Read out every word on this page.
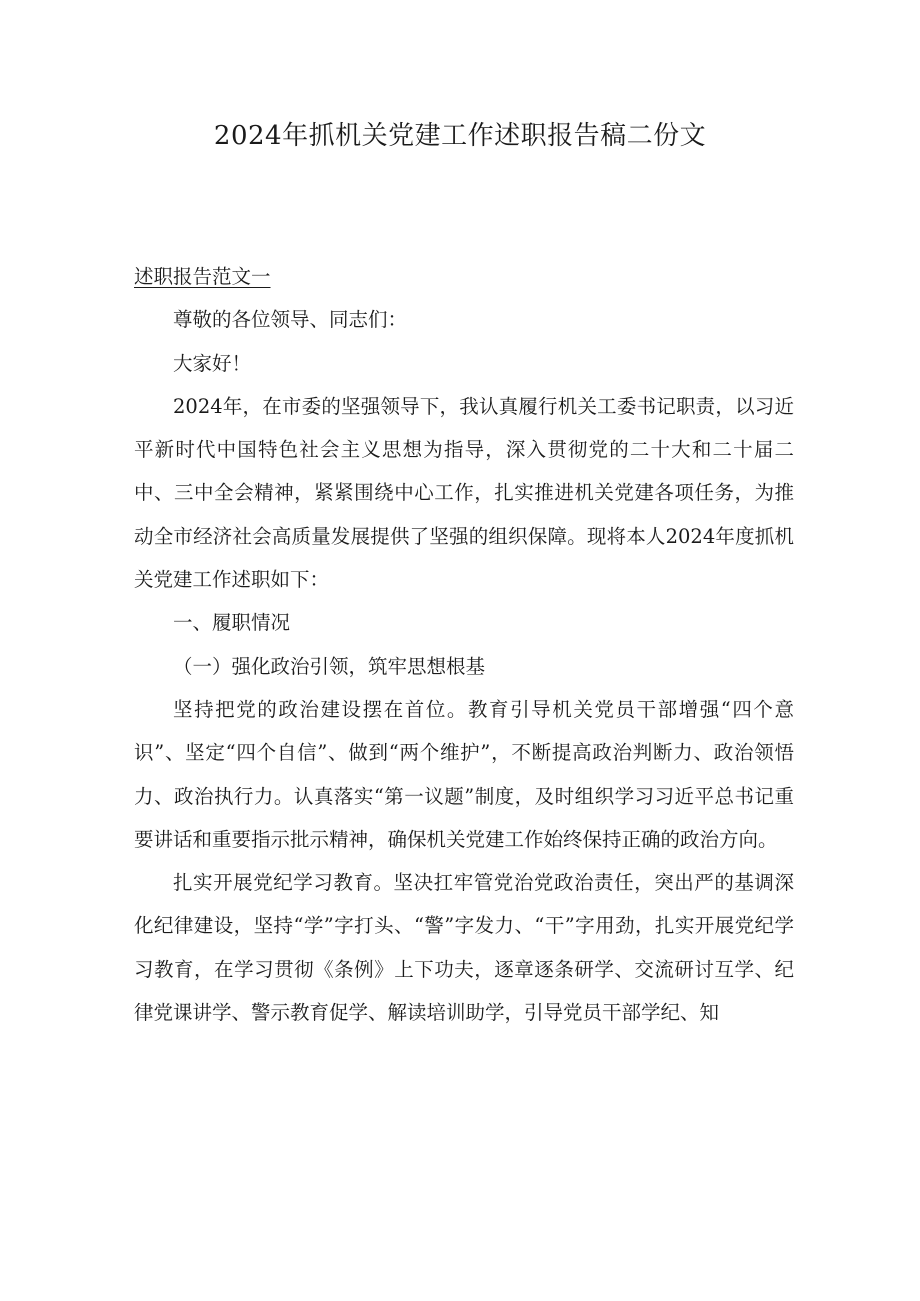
2024年抓机关党建工作述职报告稿二份文

述职报告范文一

尊敬的各位领导、同志们：

大家好！

2024年，在市委的坚强领导下，我认真履行机关工委书记职责，以习近平新时代中国特色社会主义思想为指导，深入贯彻党的二十大和二十届二中、三中全会精神，紧紧围绕中心工作，扎实推进机关党建各项任务，为推动全市经济社会高质量发展提供了坚强的组织保障。现将本人2024年度抓机关党建工作述职如下：

一、履职情况

（一）强化政治引领，筑牢思想根基

坚持把党的政治建设摆在首位。教育引导机关党员干部增强“四个意识”、坚定“四个自信”、做到“两个维护”，不断提高政治判断力、政治领悟力、政治执行力。认真落实“第一议题”制度，及时组织学习习近平总书记重要讲话和重要指示批示精神，确保机关党建工作始终保持正确的政治方向。

扎实开展党纪学习教育。坚决扛牢管党治党政治责任，突出严的基调深化纪律建设，坚持“学”字打头、“警”字发力、“干”字用劲，扎实开展党纪学习教育，在学习贯彻《条例》上下功夫，逐章逐条研学、交流研讨互学、纪律党课讲学、警示教育促学、解读培训助学，引导党员干部学纪、知
